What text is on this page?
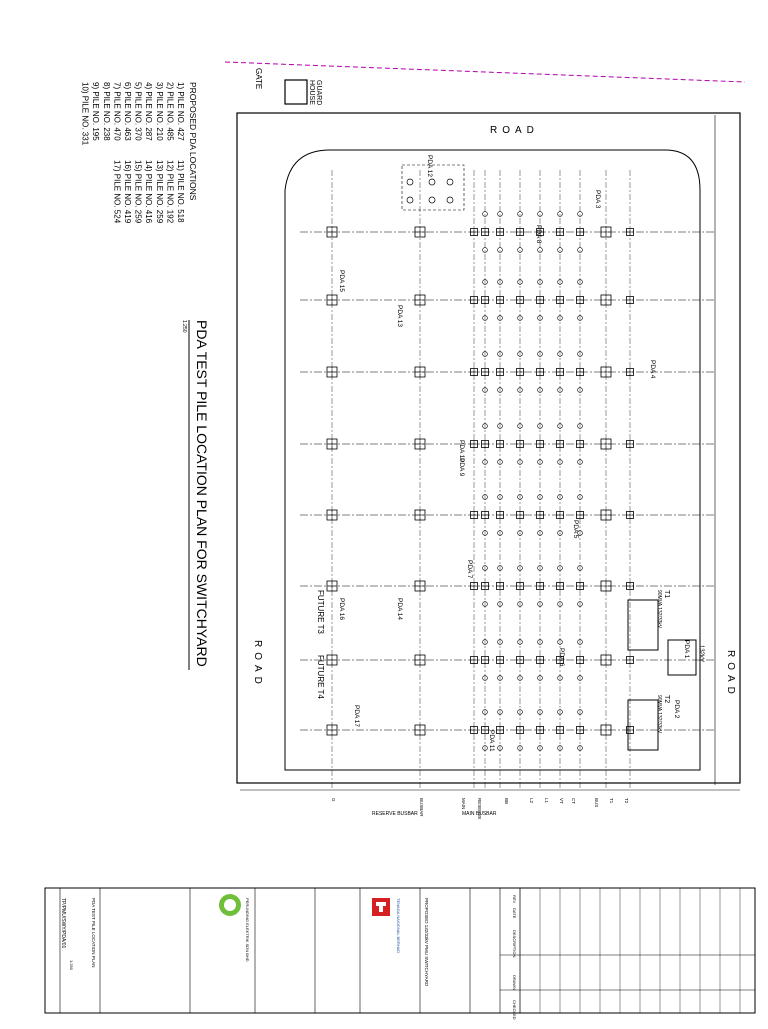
PDA 1
PDA 2
PDA 3
PDA 4
PDA 5
PDA 6
PDA 7
PDA 8
PDA 9
PDA 10
PDA 11
PDA 12
PDA 13
PDA 14
PDA 15
PDA 16
PDA 17
T2
T1
BUS
CT
VT
L1
L2
BB
RESERVE
MAIN
BUSBAR
G
PDA TEST PILE LOCATION PLAN FOR SWITCHYARD
1:250
PROPOSED PDA LOCATIONS
1) PILE NO. 427
2) PILE NO. 485
3) PILE NO. 210
4) PILE NO. 287
5) PILE NO. 370
6) PILE NO. 463
7) PILE NO. 470
8) PILE NO. 238
9) PILE NO. 195
10) PILE NO. 331
11) PILE NO. 518
12) PILE NO. 192
13) PILE NO. 259
14) PILE NO. 416
15) PILE NO. 259
16) PILE NO. 419
17) PILE NO. 524
GATE
GUARD
HOUSE
ROAD
ROAD	ROAD
FUTURE T3
FUTURE T4
T1
T2
90MVA 132/33kV
90MVA 132/33kV
132kV
RESERVE BUSBAR	MAIN BUSBAR
TENAGA NASIONAL BERHAD
PERUNDING ELEKTRIK SDN BHD	PROPOSED 132/33kV PMU SWITCHYARD
PDA TEST PILE LOCATION PLAN
TP/PMU/SWY/PDA/01
1:250
REV
DATE
DESCRIPTION
DRAWN
CHECKED
